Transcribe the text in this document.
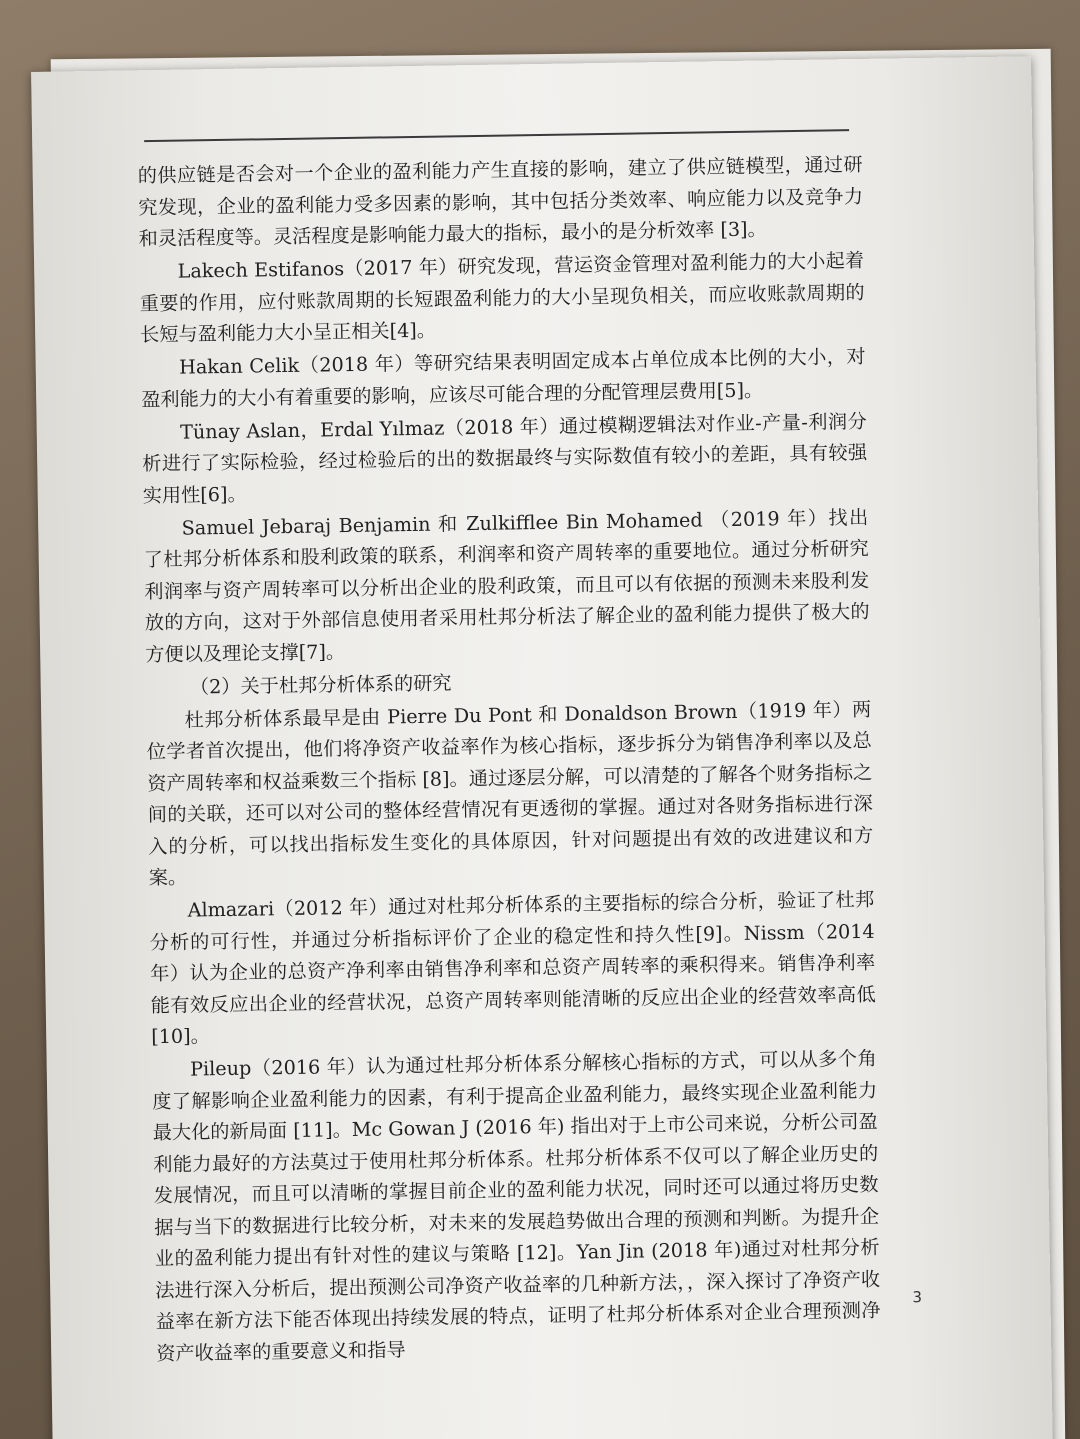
的供应链是否会对一个企业的盈利能力产生直接的影响，建立了供应链模型，通过研究发现，企业的盈利能力受多因素的影响，其中包括分类效率、响应能力以及竞争力和灵活程度等。灵活程度是影响能力最大的指标，最小的是分析效率 [3]。

Lakech Estifanos（2017 年）研究发现，营运资金管理对盈利能力的大小起着重要的作用，应付账款周期的长短跟盈利能力的大小呈现负相关，而应收账款周期的长短与盈利能力大小呈正相关[4]。

Hakan Celik（2018 年）等研究结果表明固定成本占单位成本比例的大小，对盈利能力的大小有着重要的影响，应该尽可能合理的分配管理层费用[5]。

Tünay Aslan，Erdal Yılmaz（2018 年）通过模糊逻辑法对作业-产量-利润分析进行了实际检验，经过检验后的出的数据最终与实际数值有较小的差距，具有较强实用性[6]。

Samuel Jebaraj Benjamin 和 Zulkifflee Bin Mohamed （2019 年）找出了杜邦分析体系和股利政策的联系，利润率和资产周转率的重要地位。通过分析研究利润率与资产周转率可以分析出企业的股利政策，而且可以有依据的预测未来股利发放的方向，这对于外部信息使用者采用杜邦分析法了解企业的盈利能力提供了极大的方便以及理论支撑[7]。

（2）关于杜邦分析体系的研究

杜邦分析体系最早是由 Pierre Du Pont 和 Donaldson Brown（1919 年）两位学者首次提出，他们将净资产收益率作为核心指标，逐步拆分为销售净利率以及总资产周转率和权益乘数三个指标 [8]。通过逐层分解，可以清楚的了解各个财务指标之间的关联，还可以对公司的整体经营情况有更透彻的掌握。通过对各财务指标进行深入的分析，可以找出指标发生变化的具体原因，针对问题提出有效的改进建议和方案。

Almazari（2012 年）通过对杜邦分析体系的主要指标的综合分析，验证了杜邦分析的可行性，并通过分析指标评价了企业的稳定性和持久性[9]。Nissm（2014 年）认为企业的总资产净利率由销售净利率和总资产周转率的乘积得来。销售净利率能有效反应出企业的经营状况，总资产周转率则能清晰的反应出企业的经营效率高低 [10]。

Pileup（2016 年）认为通过杜邦分析体系分解核心指标的方式，可以从多个角度了解影响企业盈利能力的因素，有利于提高企业盈利能力，最终实现企业盈利能力最大化的新局面 [11]。Mc Gowan J (2016 年) 指出对于上市公司来说，分析公司盈利能力最好的方法莫过于使用杜邦分析体系。杜邦分析体系不仅可以了解企业历史的发展情况，而且可以清晰的掌握目前企业的盈利能力状况，同时还可以通过将历史数据与当下的数据进行比较分析，对未来的发展趋势做出合理的预测和判断。为提升企业的盈利能力提出有针对性的建议与策略 [12]。Yan Jin (2018 年)通过对杜邦分析法进行深入分析后，提出预测公司净资产收益率的几种新方法，，深入探讨了净资产收益率在新方法下能否体现出持续发展的特点，证明了杜邦分析体系对企业合理预测净资产收益率的重要意义和指导

3
